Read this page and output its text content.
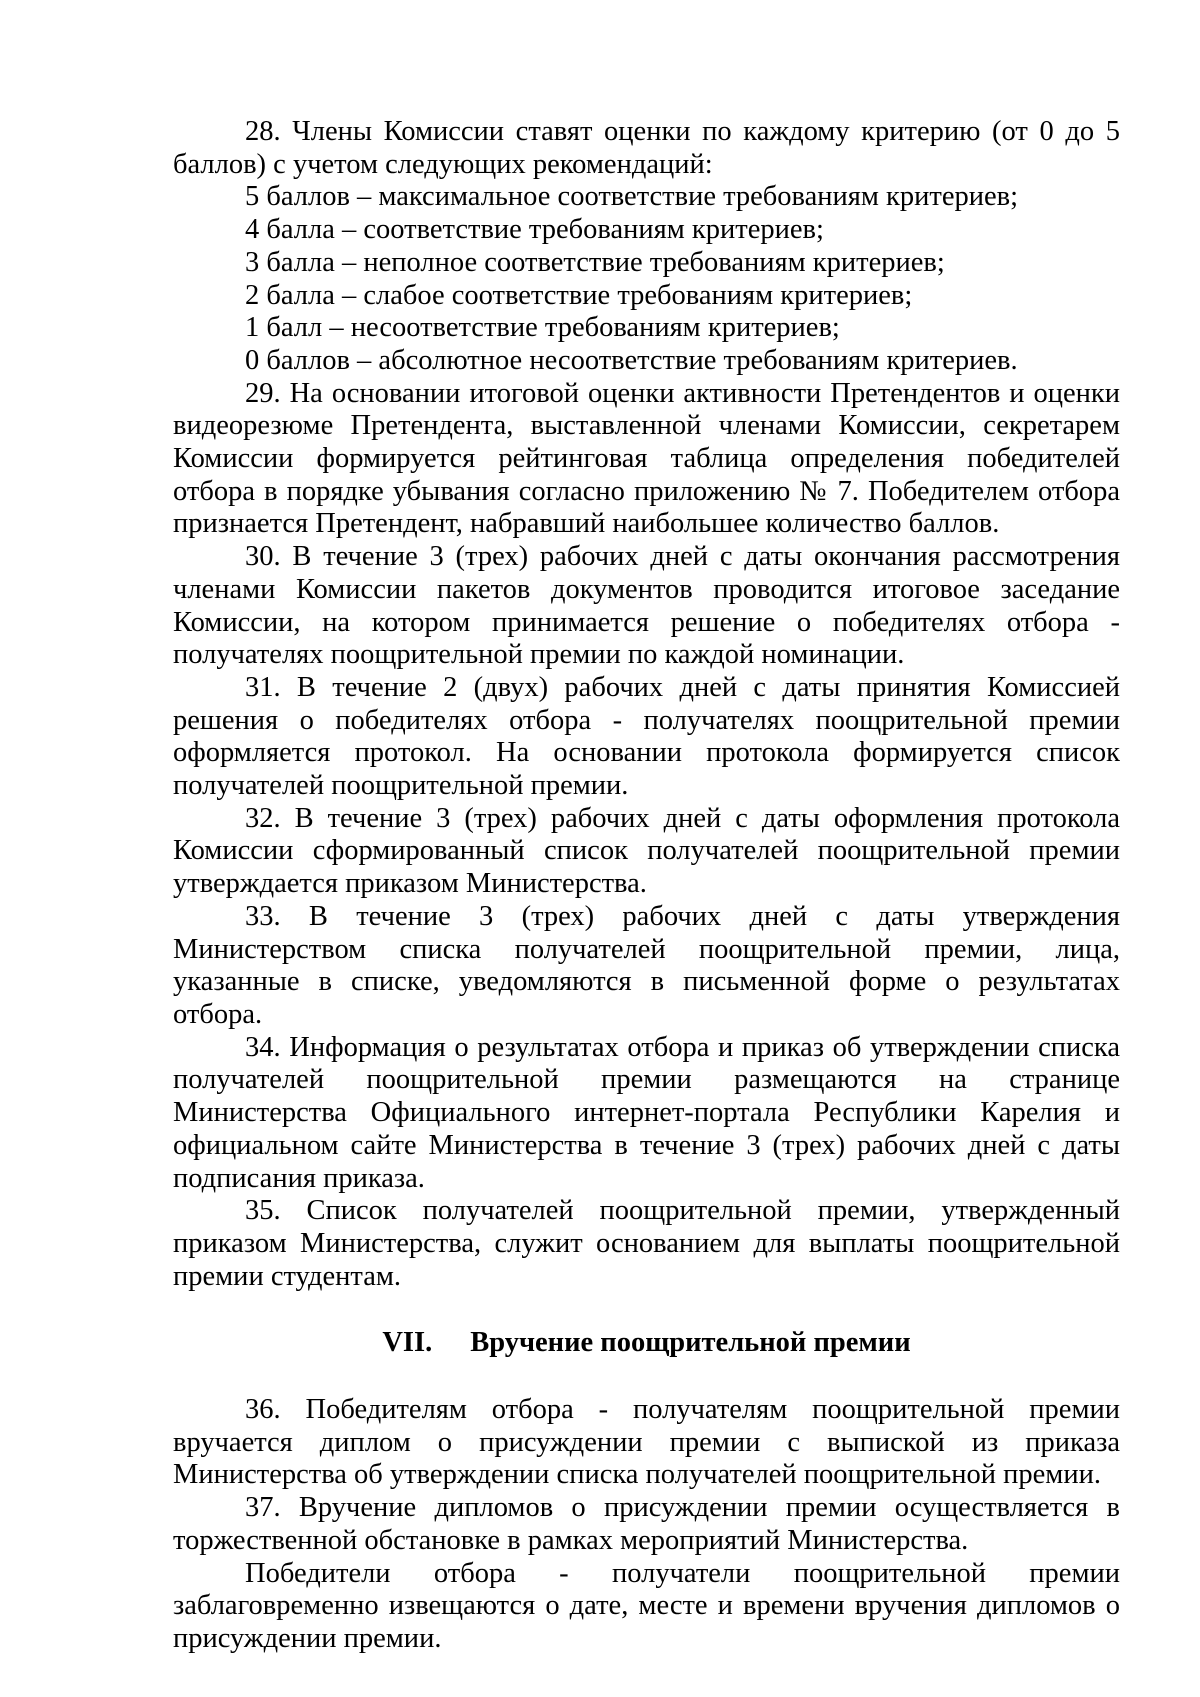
28. Члены Комиссии ставят оценки по каждому критерию (от 0 до 5 баллов) с учетом следующих рекомендаций:

5 баллов – максимальное соответствие требованиям критериев;

4 балла – соответствие требованиям критериев;

3 балла – неполное соответствие требованиям критериев;

2 балла – слабое соответствие требованиям критериев;

1 балл – несоответствие требованиям критериев;

0 баллов – абсолютное несоответствие требованиям критериев.

29. На основании итоговой оценки активности Претендентов и оценки видеорезюме Претендента, выставленной членами Комиссии, секретарем Комиссии формируется рейтинговая таблица определения победителей отбора в порядке убывания согласно приложению № 7. Победителем отбора признается Претендент, набравший наибольшее количество баллов.

30. В течение 3 (трех) рабочих дней с даты окончания рассмотрения членами Комиссии пакетов документов проводится итоговое заседание Комиссии, на котором принимается решение о победителях отбора - получателях поощрительной премии по каждой номинации.

31. В течение 2 (двух) рабочих дней с даты принятия Комиссией решения о победителях отбора - получателях поощрительной премии оформляется протокол. На основании протокола формируется список получателей поощрительной премии.

32. В течение 3 (трех) рабочих дней с даты оформления протокола Комиссии сформированный список получателей поощрительной премии утверждается приказом Министерства.

33. В течение 3 (трех) рабочих дней с даты утверждения Министерством списка получателей поощрительной премии, лица, указанные в списке, уведомляются в письменной форме о результатах отбора.

34. Информация о результатах отбора и приказ об утверждении списка получателей поощрительной премии размещаются на странице Министерства Официального интернет-портала Республики Карелия и официальном сайте Министерства в течение 3 (трех) рабочих дней с даты подписания приказа.

35. Список получателей поощрительной премии, утвержденный приказом Министерства, служит основанием для выплаты поощрительной премии студентам.

VII. Вручение поощрительной премии

36. Победителям отбора - получателям поощрительной премии вручается диплом о присуждении премии с выпиской из приказа Министерства об утверждении списка получателей поощрительной премии.

37. Вручение дипломов о присуждении премии осуществляется в торжественной обстановке в рамках мероприятий Министерства.

Победители отбора - получатели поощрительной премии заблаговременно извещаются о дате, месте и времени вручения дипломов о присуждении премии.
